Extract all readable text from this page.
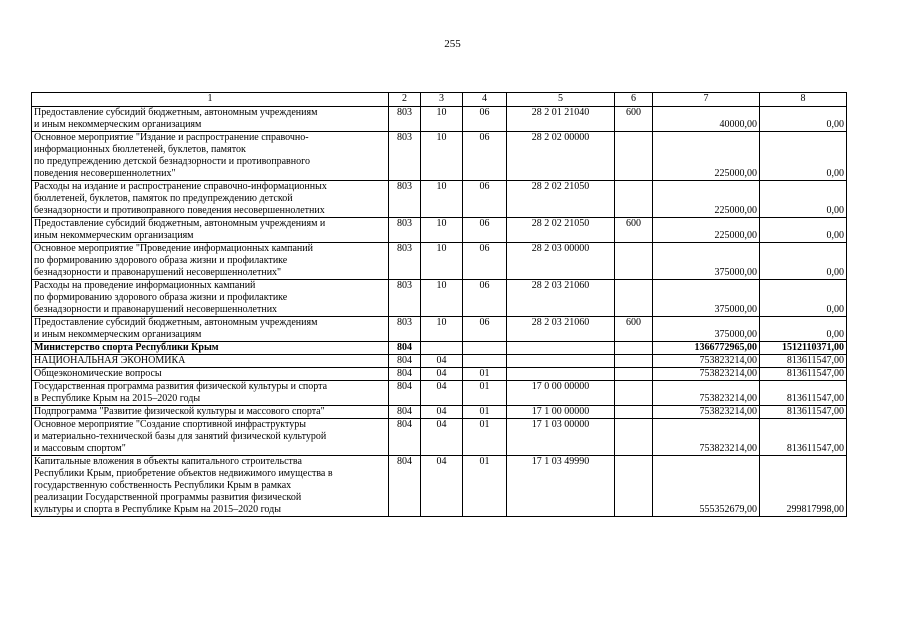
255
1	2	3	4	5	6	7	8
Предоставление субсидий бюджетным, автономным учреждениям
и иным некоммерческим организациям	803	10	06	28 2 01 21040	600	40000,00	0,00
Основное мероприятие "Издание и распространение справочно-
информационных бюллетеней, буклетов, памяток
по предупреждению детской безнадзорности и противоправного
поведения несовершеннолетних"	803	10	06	28 2 02 00000		225000,00	0,00
Расходы на издание и распространение справочно-информационных
бюллетеней, буклетов, памяток по предупреждению детской
безнадзорности и противоправного поведения несовершеннолетних	803	10	06	28 2 02 21050		225000,00	0,00
Предоставление субсидий бюджетным, автономным учреждениям и
иным некоммерческим организациям	803	10	06	28 2 02 21050	600	225000,00	0,00
Основное мероприятие "Проведение информационных кампаний
по формированию здорового образа жизни и профилактике
безнадзорности и правонарушений несовершеннолетних"	803	10	06	28 2 03 00000		375000,00	0,00
Расходы на проведение информационных кампаний
по формированию здорового образа жизни и профилактике
безнадзорности и правонарушений несовершеннолетних	803	10	06	28 2 03 21060		375000,00	0,00
Предоставление субсидий бюджетным, автономным учреждениям
и иным некоммерческим организациям	803	10	06	28 2 03 21060	600	375000,00	0,00
Министерство спорта Республики Крым	804					1366772965,00	1512110371,00
НАЦИОНАЛЬНАЯ ЭКОНОМИКА	804	04				753823214,00	813611547,00
Общеэкономические вопросы	804	04	01			753823214,00	813611547,00
Государственная программа развития физической культуры и спорта
в Республике Крым на 2015–2020 годы	804	04	01	17 0 00 00000		753823214,00	813611547,00
Подпрограмма "Развитие физической культуры и массового спорта"	804	04	01	17 1 00 00000		753823214,00	813611547,00
Основное мероприятие "Создание спортивной инфраструктуры
и материально-технической базы для занятий физической культурой
и массовым спортом"	804	04	01	17 1 03 00000		753823214,00	813611547,00
Капитальные вложения в объекты капитального строительства
Республики Крым, приобретение объектов недвижимого имущества в
государственную собственность Республики Крым в рамках
реализации Государственной программы развития физической
культуры и спорта в Республике Крым на 2015–2020 годы	804	04	01	17 1 03 49990		555352679,00	299817998,00
